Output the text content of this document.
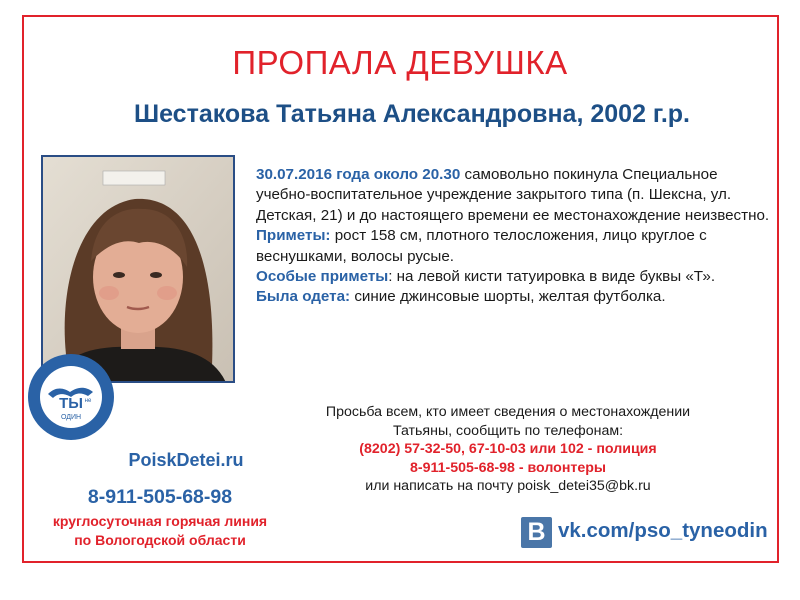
ПРОПАЛА ДЕВУШКА
Шестакова Татьяна Александровна, 2002 г.р.
30.07.2016 года около 20.30 самовольно покинула Специальное учебно-воспитательное учреждение закрытого типа (п. Шексна, ул. Детская, 21) и до настоящего времени ее местонахождение неизвестно.
Приметы: рост 158 см, плотного телосложения, лицо круглое с веснушками, волосы русые.
Особые приметы: на левой кисти татуировка в виде буквы «Т».
Была одета: синие джинсовые шорты, желтая футболка.
ТЫ не
ОДИН
PoiskDetei.ru
8-911-505-68-98
круглосуточная горячая линия
по Вологодской области
Просьба всем, кто имеет сведения о местонахождении
Татьяны, сообщить по телефонам:
(8202) 57-32-50, 67-10-03 или 102 - полиция
8-911-505-68-98 - волонтеры
или написать на почту poisk_detei35@bk.ru
В vk.com/pso_tyneodin
